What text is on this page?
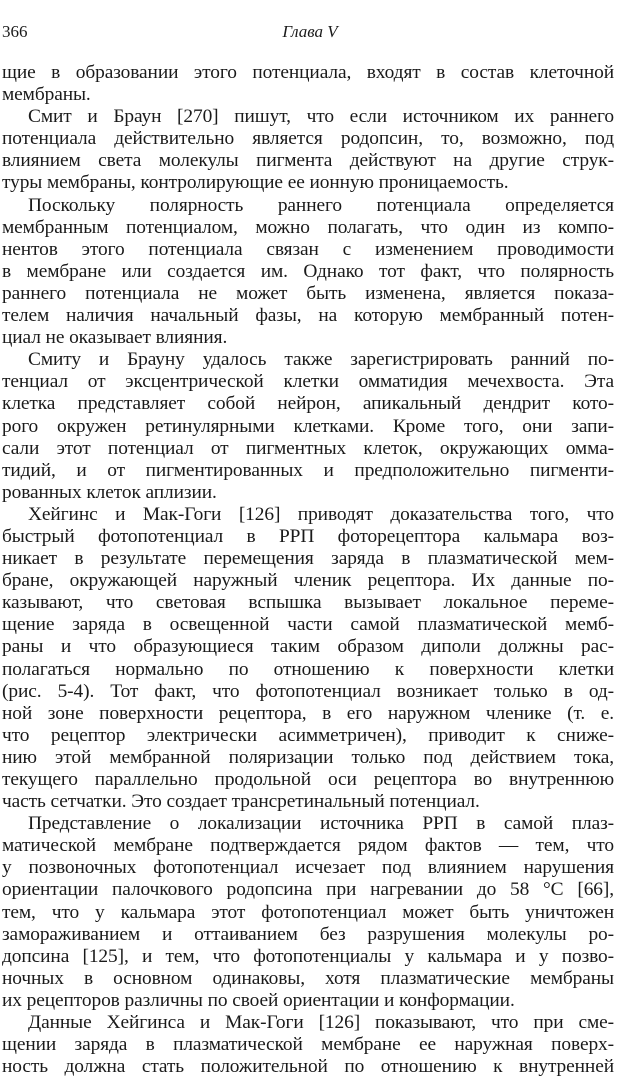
366	Глава V
щие в образовании этого потенциала, входят в состав клеточной
мембраны.
Смит и Браун [270] пишут, что если источником их раннего
потенциала действительно является родопсин, то, возможно, под
влиянием света молекулы пигмента действуют на другие струк-
туры мембраны, контролирующие ее ионную проницаемость.
Поскольку полярность раннего потенциала определяется
мембранным потенциалом, можно полагать, что один из компо-
нентов этого потенциала связан с изменением проводимости
в мембране или создается им. Однако тот факт, что полярность
раннего потенциала не может быть изменена, является показа-
телем наличия начальный фазы, на которую мембранный потен-
циал не оказывает влияния.
Смиту и Брауну удалось также зарегистрировать ранний по-
тенциал от эксцентрической клетки омматидия мечехвоста. Эта
клетка представляет собой нейрон, апикальный дендрит кото-
рого окружен ретинулярными клетками. Кроме того, они запи-
сали этот потенциал от пигментных клеток, окружающих омма-
тидий, и от пигментированных и предположительно пигменти-
рованных клеток аплизии.
Хейгинс и Мак-Гоги [126] приводят доказательства того, что
быстрый фотопотенциал в РРП фоторецептора кальмара воз-
никает в результате перемещения заряда в плазматической мем-
бране, окружающей наружный членик рецептора. Их данные по-
казывают, что световая вспышка вызывает локальное переме-
щение заряда в освещенной части самой плазматической мемб-
раны и что образующиеся таким образом диполи должны рас-
полагаться нормально по отношению к поверхности клетки
(рис. 5-4). Тот факт, что фотопотенциал возникает только в од-
ной зоне поверхности рецептора, в его наружном членике (т. е.
что рецептор электрически асимметричен), приводит к сниже-
нию этой мембранной поляризации только под действием тока,
текущего параллельно продольной оси рецептора во внутреннюю
часть сетчатки. Это создает трансретинальный потенциал.
Представление о локализации источника РРП в самой плаз-
матической мембране подтверждается рядом фактов — тем, что
у позвоночных фотопотенциал исчезает под влиянием нарушения
ориентации палочкового родопсина при нагревании до 58 °С [66],
тем, что у кальмара этот фотопотенциал может быть уничтожен
замораживанием и оттаиванием без разрушения молекулы ро-
допсина [125], и тем, что фотопотенциалы у кальмара и у позво-
ночных в основном одинаковы, хотя плазматические мембраны
их рецепторов различны по своей ориентации и конформации.
Данные Хейгинса и Мак-Гоги [126] показывают, что при сме-
щении заряда в плазматической мембране ее наружная поверх-
ность должна стать положительной по отношению к внутренней
